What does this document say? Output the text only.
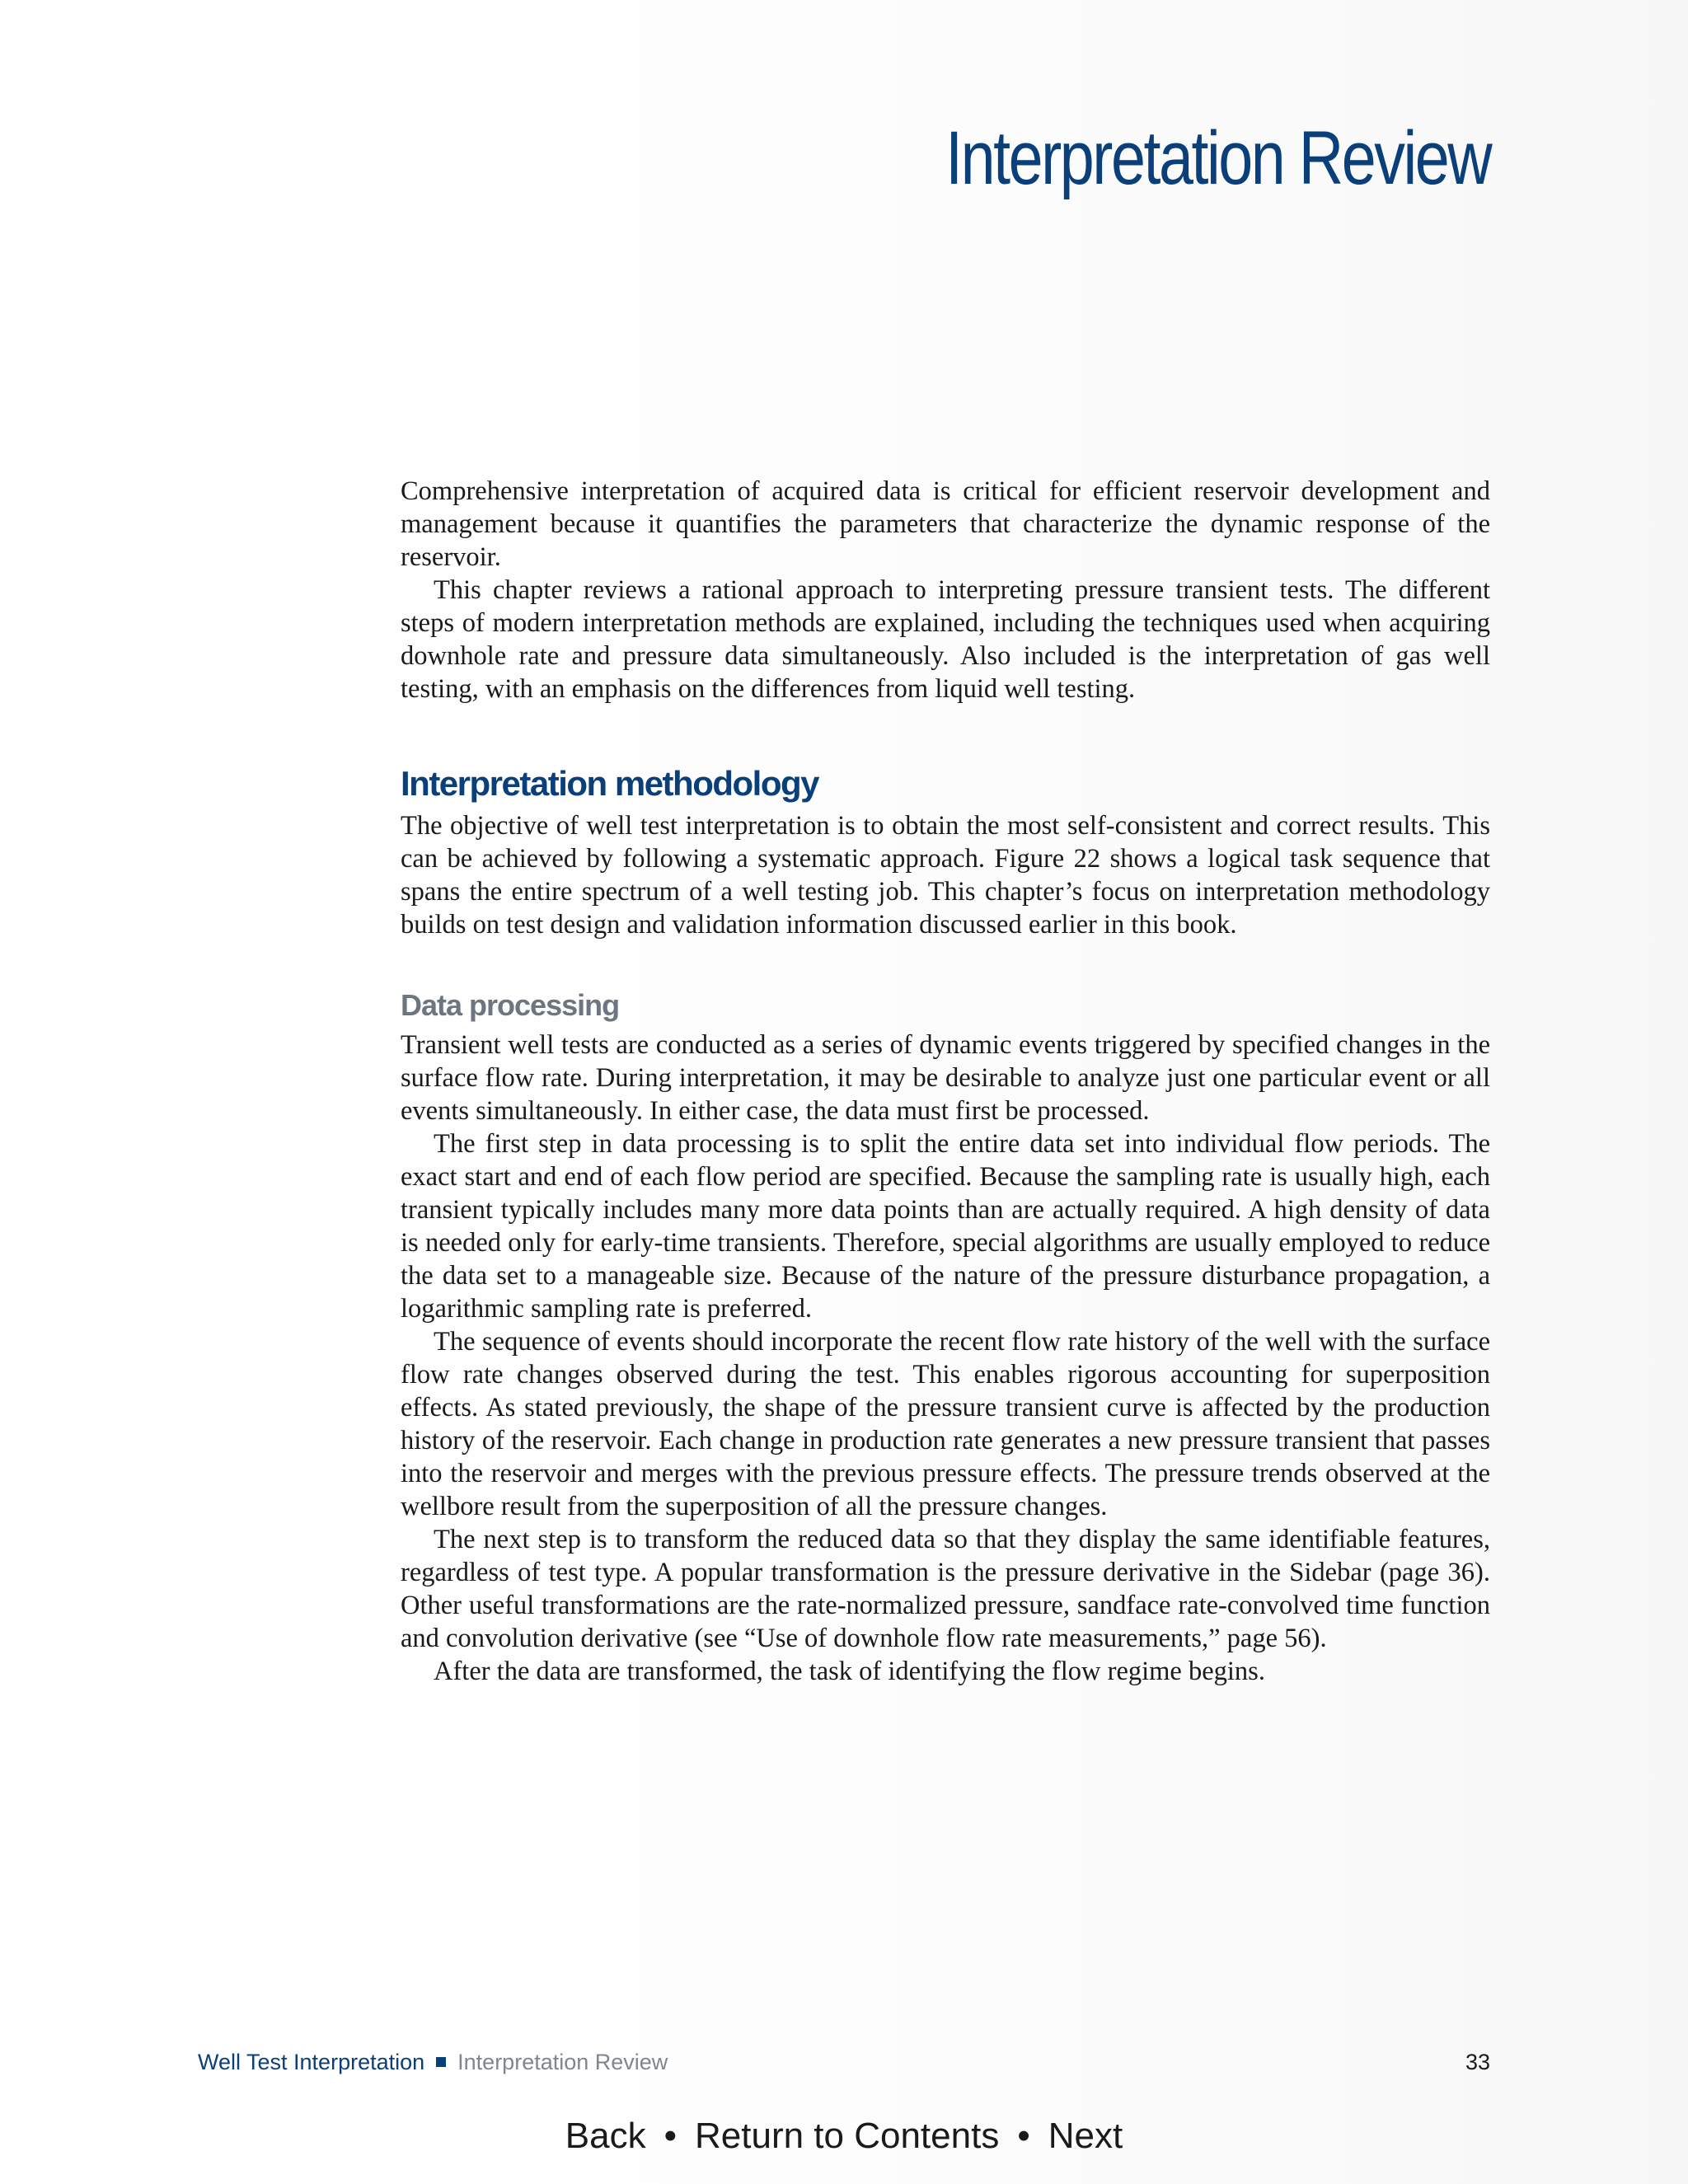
Interpretation Review

Comprehensive interpretation of acquired data is critical for efficient reservoir development and management because it quantifies the parameters that characterize the dynamic response of the reservoir.

This chapter reviews a rational approach to interpreting pressure transient tests. The different steps of modern interpretation methods are explained, including the techniques used when acquiring downhole rate and pressure data simultaneously. Also included is the interpretation of gas well testing, with an emphasis on the differences from liquid well testing.

Interpretation methodology

The objective of well test interpretation is to obtain the most self-consistent and correct results. This can be achieved by following a systematic approach. Figure 22 shows a logical task sequence that spans the entire spectrum of a well testing job. This chapter’s focus on interpretation methodology builds on test design and validation information discussed earlier in this book.

Data processing

Transient well tests are conducted as a series of dynamic events triggered by specified changes in the surface flow rate. During interpretation, it may be desirable to analyze just one particular event or all events simultaneously. In either case, the data must first be processed.

The first step in data processing is to split the entire data set into individual flow periods. The exact start and end of each flow period are specified. Because the sampling rate is usually high, each transient typically includes many more data points than are actually required. A high density of data is needed only for early-time transients. Therefore, special algorithms are usually employed to reduce the data set to a manageable size. Because of the nature of the pressure disturbance propagation, a logarithmic sampling rate is preferred.

The sequence of events should incorporate the recent flow rate history of the well with the surface flow rate changes observed during the test. This enables rigorous accounting for superposition effects. As stated previously, the shape of the pressure transient curve is affected by the production history of the reservoir. Each change in production rate generates a new pressure transient that passes into the reservoir and merges with the previous pressure effects. The pressure trends observed at the wellbore result from the superposition of all the pressure changes.

The next step is to transform the reduced data so that they display the same identifiable features, regardless of test type. A popular transformation is the pressure derivative in the Sidebar (page 36). Other useful transformations are the rate-normalized pressure, sandface rate-convolved time function and convolution derivative (see “Use of downhole flow rate measurements,” page 56).

After the data are transformed, the task of identifying the flow regime begins.

Well Test Interpretation Interpretation Review	33
Back • Return to Contents • Next
